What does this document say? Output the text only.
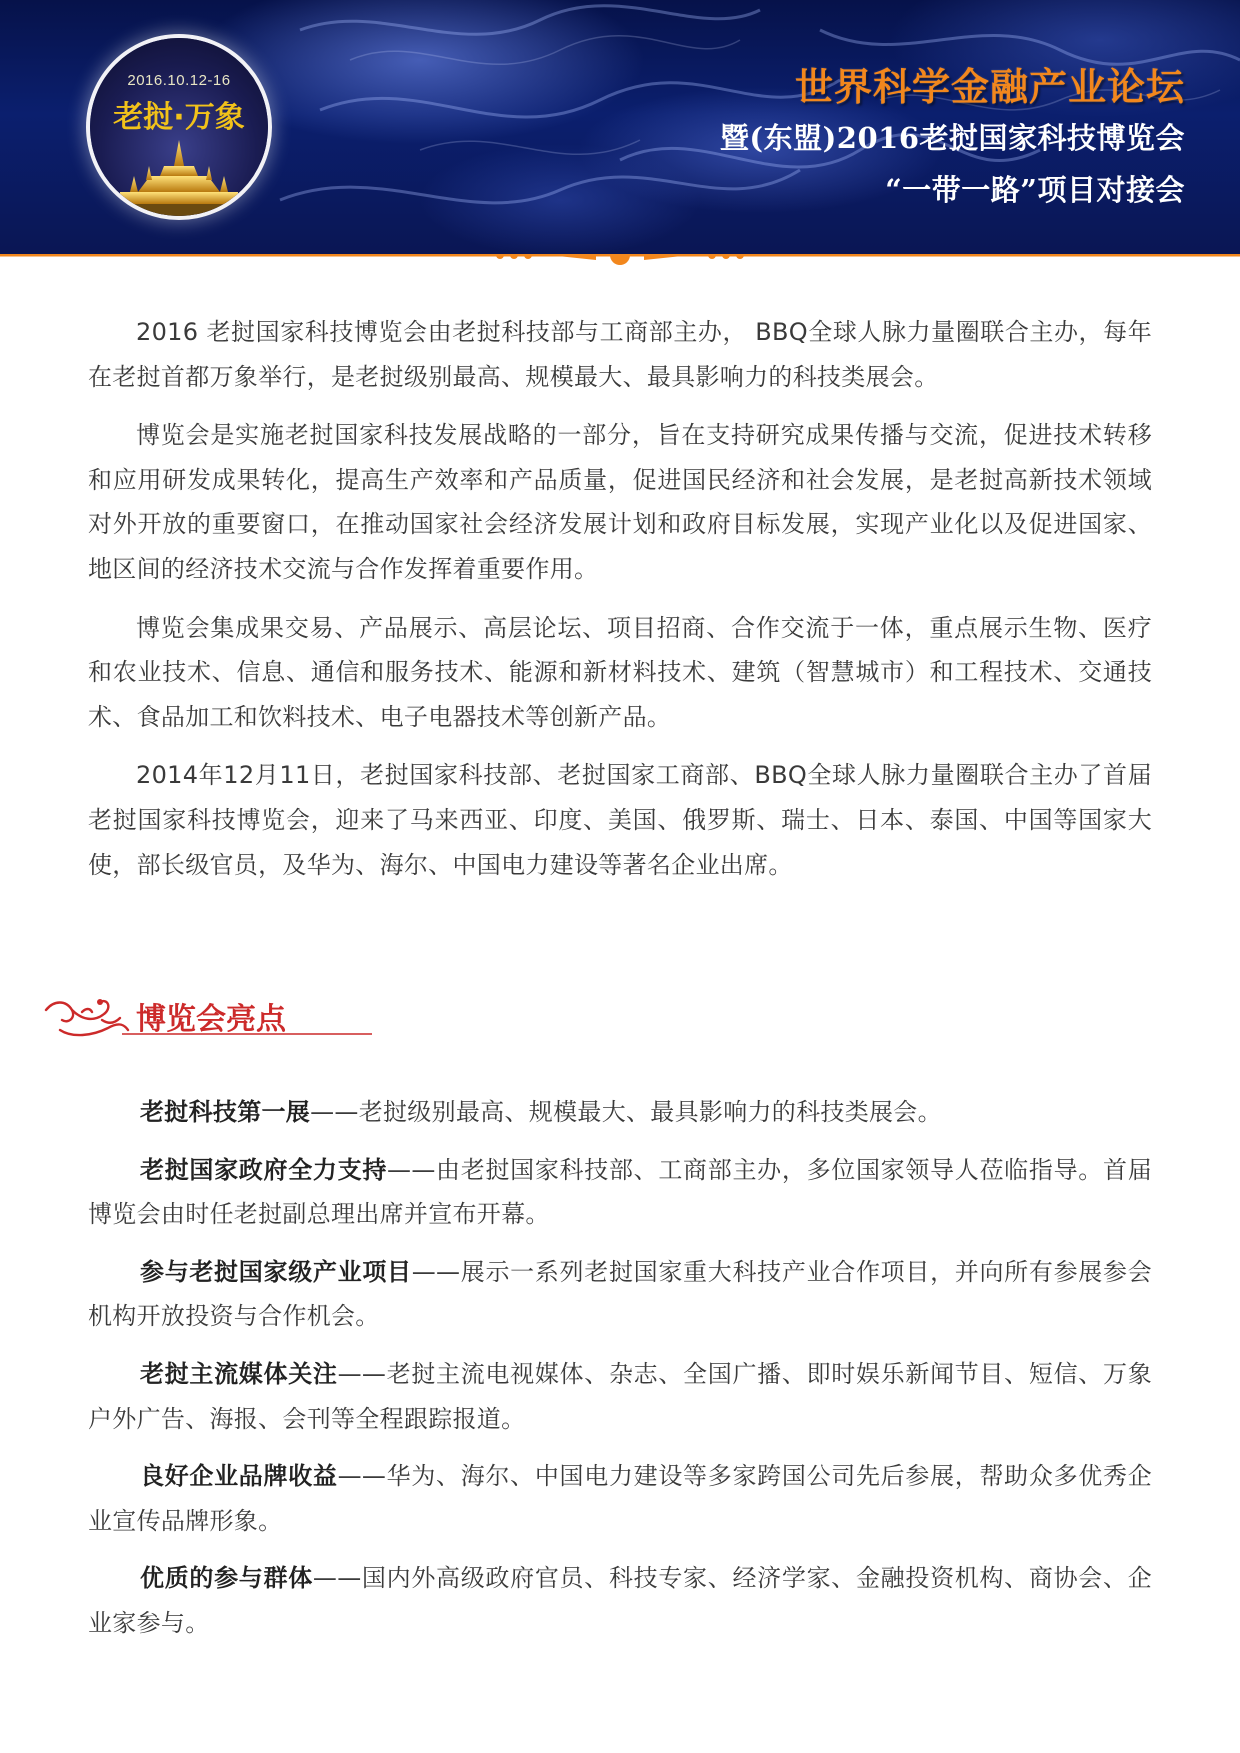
2016.10.12-16
老挝·万象
世界科学金融产业论坛
暨(东盟)2016老挝国家科技博览会
“一带一路”项目对接会

2016 老挝国家科技博览会由老挝科技部与工商部主办， BBQ全球人脉力量圈联合主办，每年在老挝首都万象举行，是老挝级别最高、规模最大、最具影响力的科技类展会。

博览会是实施老挝国家科技发展战略的一部分，旨在支持研究成果传播与交流，促进技术转移和应用研发成果转化，提高生产效率和产品质量，促进国民经济和社会发展，是老挝高新技术领域对外开放的重要窗口，在推动国家社会经济发展计划和政府目标发展，实现产业化以及促进国家、地区间的经济技术交流与合作发挥着重要作用。

博览会集成果交易、产品展示、高层论坛、项目招商、合作交流于一体，重点展示生物、医疗和农业技术、信息、通信和服务技术、能源和新材料技术、建筑（智慧城市）和工程技术、交通技术、食品加工和饮料技术、电子电器技术等创新产品。

2014年12月11日，老挝国家科技部、老挝国家工商部、BBQ全球人脉力量圈联合主办了首届老挝国家科技博览会，迎来了马来西亚、印度、美国、俄罗斯、瑞士、日本、泰国、中国等国家大使，部长级官员，及华为、海尔、中国电力建设等著名企业出席。

博览会亮点

老挝科技第一展——老挝级别最高、规模最大、最具影响力的科技类展会。

老挝国家政府全力支持——由老挝国家科技部、工商部主办，多位国家领导人莅临指导。首届博览会由时任老挝副总理出席并宣布开幕。

参与老挝国家级产业项目——展示一系列老挝国家重大科技产业合作项目，并向所有参展参会机构开放投资与合作机会。

老挝主流媒体关注——老挝主流电视媒体、杂志、全国广播、即时娱乐新闻节目、短信、万象户外广告、海报、会刊等全程跟踪报道。

良好企业品牌收益——华为、海尔、中国电力建设等多家跨国公司先后参展，帮助众多优秀企业宣传品牌形象。

优质的参与群体——国内外高级政府官员、科技专家、经济学家、金融投资机构、商协会、企业家参与。
